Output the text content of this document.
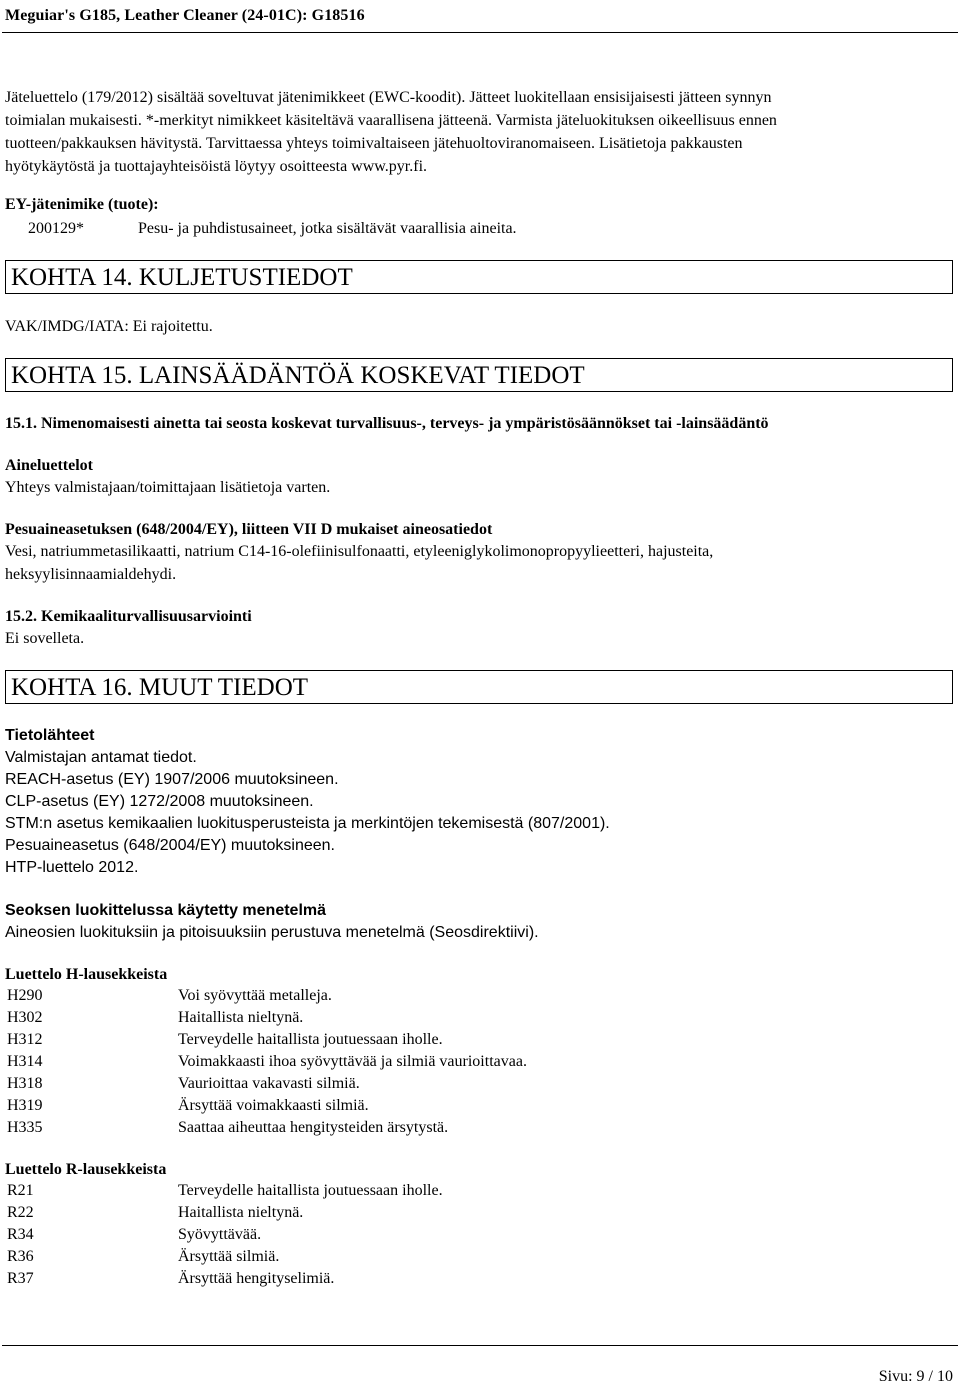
Meguiar's G185, Leather Cleaner (24-01C): G18516
Jäteluettelo (179/2012) sisältää soveltuvat jätenimikkeet (EWC-koodit). Jätteet luokitellaan ensisijaisesti jätteen synnyn
toimialan mukaisesti. *-merkityt nimikkeet käsiteltävä vaarallisena jätteenä. Varmista jäteluokituksen oikeellisuus ennen
tuotteen/pakkauksen hävitystä. Tarvittaessa yhteys toimivaltaiseen jätehuoltoviranomaiseen. Lisätietoja pakkausten
hyötykäytöstä ja tuottajayhteisöistä löytyy osoitteesta www.pyr.fi.
EY-jätenimike (tuote):
200129*	Pesu- ja puhdistusaineet, jotka sisältävät vaarallisia aineita.
KOHTA 14. KULJETUSTIEDOT
VAK/IMDG/IATA: Ei rajoitettu.
KOHTA 15. LAINSÄÄDÄNTÖÄ KOSKEVAT TIEDOT
15.1. Nimenomaisesti ainetta tai seosta koskevat turvallisuus-, terveys- ja ympäristösäännökset tai -lainsäädäntö
Aineluettelot
Yhteys valmistajaan/toimittajaan lisätietoja varten.
Pesuaineasetuksen (648/2004/EY), liitteen VII D mukaiset aineosatiedot
Vesi, natriummetasilikaatti, natrium C14-16-olefiinisulfonaatti, etyleeniglykolimonopropyylieetteri, hajusteita,
heksyylisinnaamialdehydi.
15.2. Kemikaaliturvallisuusarviointi
Ei sovelleta.
KOHTA 16. MUUT TIEDOT
Tietolähteet
Valmistajan antamat tiedot.
REACH-asetus (EY) 1907/2006 muutoksineen.
CLP-asetus (EY) 1272/2008 muutoksineen.
STM:n asetus kemikaalien luokitusperusteista ja merkintöjen tekemisestä (807/2001).
Pesuaineasetus (648/2004/EY) muutoksineen.
HTP-luettelo 2012.
Seoksen luokittelussa käytetty menetelmä
Aineosien luokituksiin ja pitoisuuksiin perustuva menetelmä (Seosdirektiivi).
Luettelo H-lausekkeista
H290	Voi syövyttää metalleja.
H302	Haitallista nieltynä.
H312	Terveydelle haitallista joutuessaan iholle.
H314	Voimakkaasti ihoa syövyttävää ja silmiä vaurioittavaa.
H318	Vaurioittaa vakavasti silmiä.
H319	Ärsyttää voimakkaasti silmiä.
H335	Saattaa aiheuttaa hengitysteiden ärsytystä.
Luettelo R-lausekkeista
R21	Terveydelle haitallista joutuessaan iholle.
R22	Haitallista nieltynä.
R34	Syövyttävää.
R36	Ärsyttää silmiä.
R37	Ärsyttää hengityselimiä.
Sivu: 9 / 10
